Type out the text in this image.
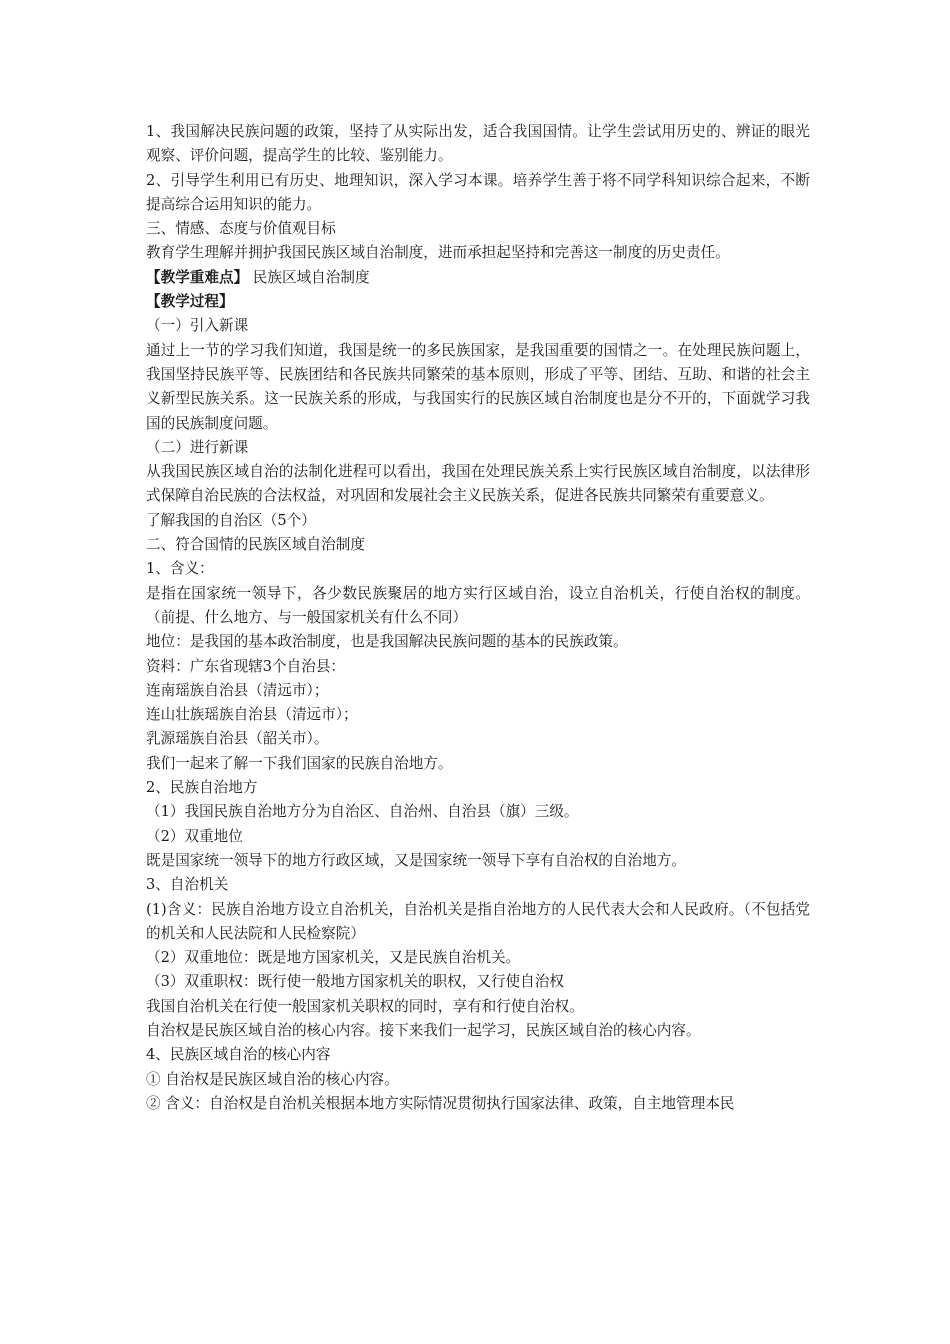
1、我国解决民族问题的政策，坚持了从实际出发，适合我国国情。让学生尝试用历史的、辨证的眼光观察、评价问题，提高学生的比较、鉴别能力。

2、引导学生利用已有历史、地理知识，深入学习本课。培养学生善于将不同学科知识综合起来，不断提高综合运用知识的能力。

三、情感、态度与价值观目标

教育学生理解并拥护我国民族区域自治制度，进而承担起坚持和完善这一制度的历史责任。

【教学重难点】 民族区域自治制度

【教学过程】

（一）引入新课

通过上一节的学习我们知道，我国是统一的多民族国家，是我国重要的国情之一。在处理民族问题上，我国坚持民族平等、民族团结和各民族共同繁荣的基本原则，形成了平等、团结、互助、和谐的社会主义新型民族关系。这一民族关系的形成，与我国实行的民族区域自治制度也是分不开的，下面就学习我国的民族制度问题。

（二）进行新课

从我国民族区域自治的法制化进程可以看出，我国在处理民族关系上实行民族区域自治制度，以法律形式保障自治民族的合法权益，对巩固和发展社会主义民族关系，促进各民族共同繁荣有重要意义。

了解我国的自治区（5个）

二、符合国情的民族区域自治制度

1、含义：

是指在国家统一领导下，各少数民族聚居的地方实行区域自治，设立自治机关，行使自治权的制度。（前提、什么地方、与一般国家机关有什么不同）

地位：是我国的基本政治制度，也是我国解决民族问题的基本的民族政策。

资料：广东省现辖3个自治县：

连南瑶族自治县（清远市）；

连山壮族瑶族自治县（清远市）；

乳源瑶族自治县（韶关市）。

我们一起来了解一下我们国家的民族自治地方。

2、民族自治地方

（1）我国民族自治地方分为自治区、自治州、自治县（旗）三级。

（2）双重地位

既是国家统一领导下的地方行政区域，又是国家统一领导下享有自治权的自治地方。

3、自治机关

(1)含义：民族自治地方设立自治机关，自治机关是指自治地方的人民代表大会和人民政府。（不包括党的机关和人民法院和人民检察院）

（2）双重地位：既是地方国家机关，又是民族自治机关。

（3）双重职权：既行使一般地方国家机关的职权，又行使自治权

我国自治机关在行使一般国家机关职权的同时，享有和行使自治权。

自治权是民族区域自治的核心内容。接下来我们一起学习，民族区域自治的核心内容。

4、民族区域自治的核心内容

① 自治权是民族区域自治的核心内容。

② 含义：自治权是自治机关根据本地方实际情况贯彻执行国家法律、政策，自主地管理本民
